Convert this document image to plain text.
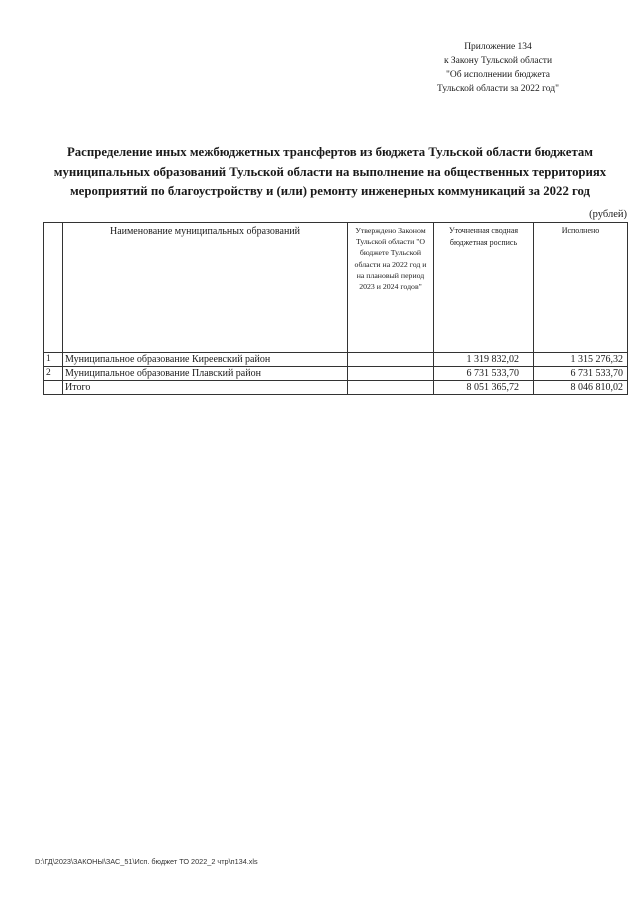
Приложение 134
к Закону Тульской области
"Об исполнении бюджета
Тульской области за 2022 год"
Распределение иных межбюджетных трансфертов из бюджета Тульской области бюджетам
муниципальных образований Тульской области на выполнение на общественных территориях
мероприятий по благоустройству и (или) ремонту инженерных коммуникаций за 2022 год
(рублей)
	Наименование муниципальных образований	Утверждено Законом Тульской области "О бюджете Тульской области на 2022 год и на плановый период 2023 и 2024 годов"	Уточненная сводная бюджетная роспись	Исполнено
1	Муниципальное образование Киреевский район		1 319 832,02	1 315 276,32
2	Муниципальное образование Плавский район		6 731 533,70	6 731 533,70
	Итого		8 051 365,72	8 046 810,02
D:\ГД\2023\ЗАКОНЫ\ЗАС_51\Исп. бюджет ТО 2022_2 чтр\п134.xls
